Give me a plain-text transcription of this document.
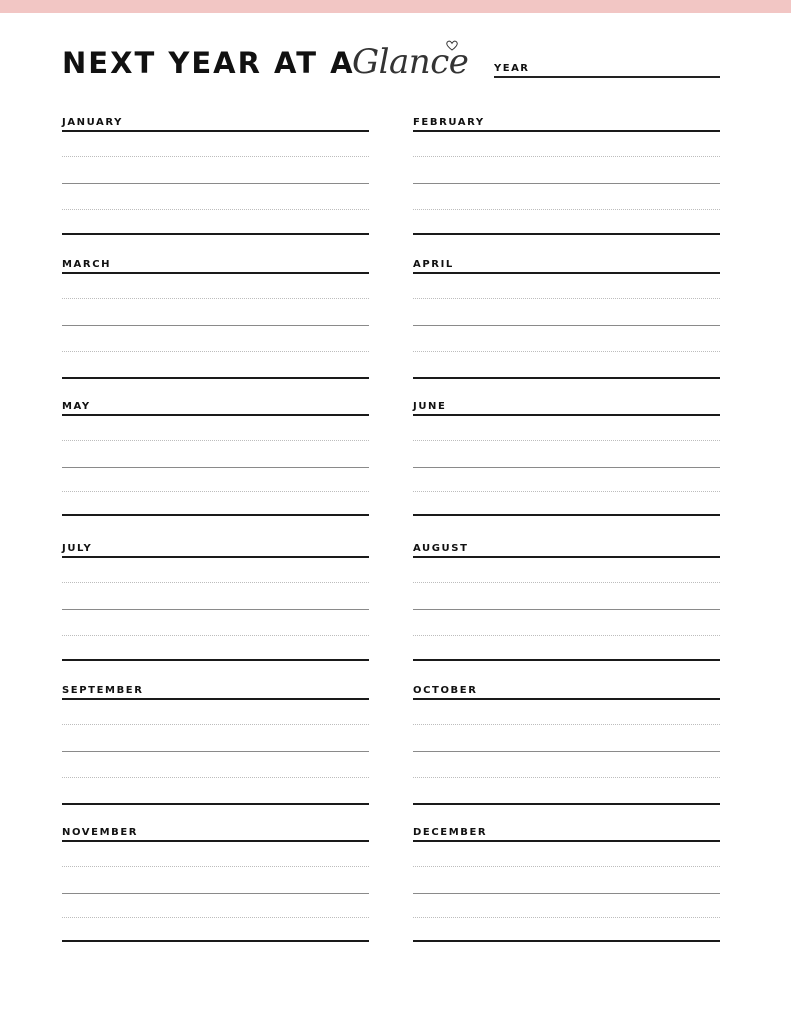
NEXT YEAR AT A
Glance	YEAR
JANUARY	FEBRUARY
MARCH	APRIL
MAY	JUNE
JULY	AUGUST
SEPTEMBER	OCTOBER
NOVEMBER	DECEMBER
